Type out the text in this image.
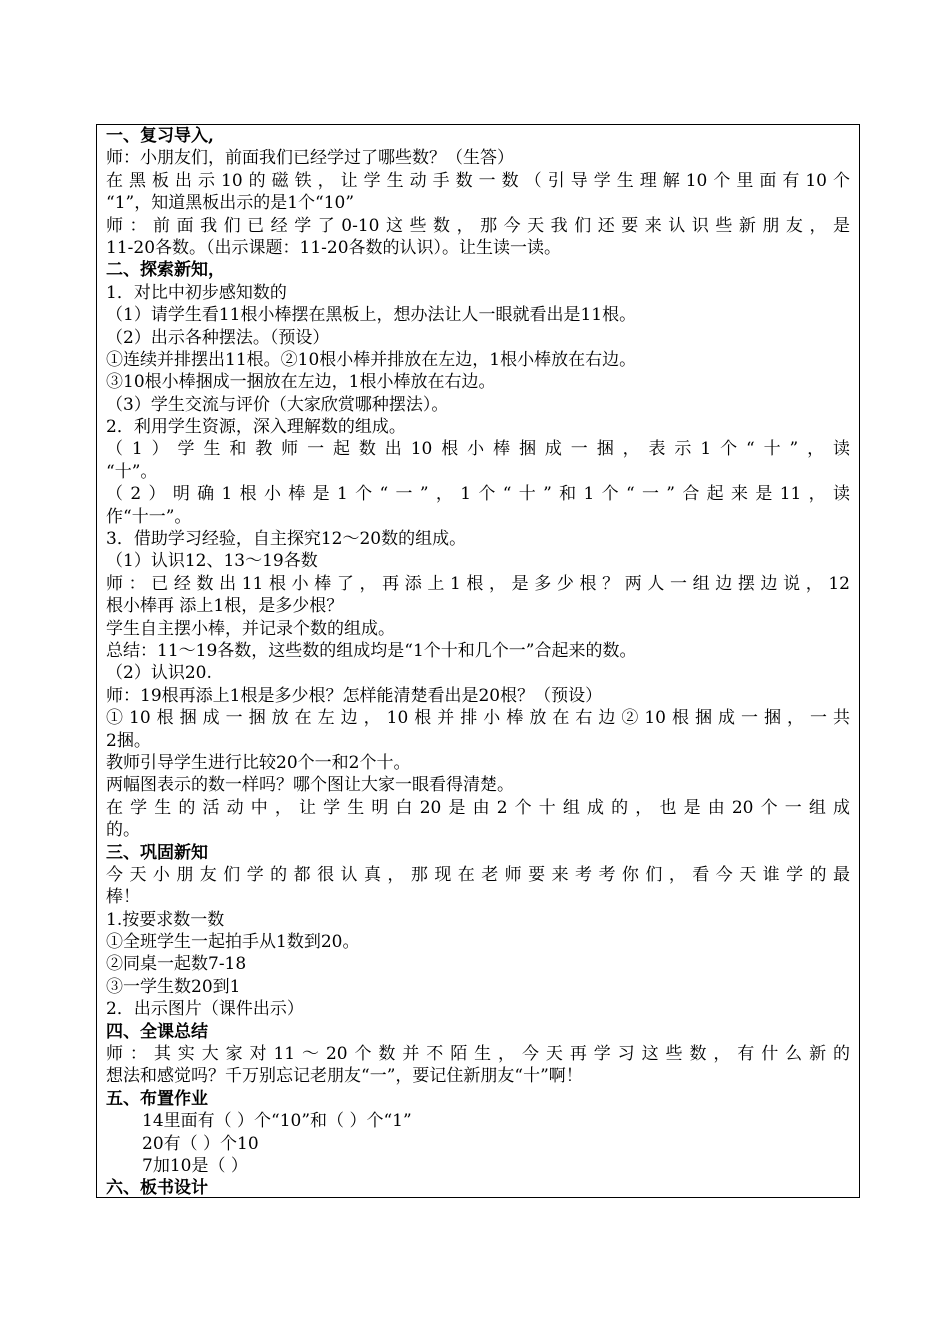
一、复习导入,
师：小朋友们，前面我们已经学过了哪些数？（生答）
在黑板出示10的磁铁，让学生动手数一数（引导学生理解10个里面有10个
“1”，知道黑板出示的是1个“10”
师：前面我们已经学了0-10这些数，那今天我们还要来认识些新朋友，是
11-20各数。（出示课题：11-20各数的认识）。让生读一读。
二、探索新知，
1．对比中初步感知数的
（1）请学生看11根小棒摆在黑板上，想办法让人一眼就看出是11根。
（2）出示各种摆法。（预设）
①连续并排摆出11根。②10根小棒并排放在左边，1根小棒放在右边。
③10根小棒捆成一捆放在左边，1根小棒放在右边。
（3）学生交流与评价（大家欣赏哪种摆法）。
2．利用学生资源，深入理解数的组成。
（1）学生和教师一起数出10根小棒捆成一捆，表示1个“十”，读
“十”。
（2）明确1根小棒是1个“一”，1个“十”和1个“一”合起来是11，读
作“十一”。
3．借助学习经验，自主探究12～20数的组成。
（1）认识12、13～19各数
师：已经数出11根小棒了，再添上1根，是多少根？两人一组边摆边说，12
根小棒再 添上1根，是多少根？
学生自主摆小棒，并记录个数的组成。
总结：11～19各数，这些数的组成均是“1个十和几个一”合起来的数。
（2）认识20.
师：19根再添上1根是多少根？怎样能清楚看出是20根？（预设）
①10根捆成一捆放在左边，10根并排小棒放在右边②10根捆成一捆，一共
2捆。
教师引导学生进行比较20个一和2个十。
两幅图表示的数一样吗？哪个图让大家一眼看得清楚。
在学生的活动中，让学生明白20是由2个十组成的，也是由20个一组成
的。
三、巩固新知
今天小朋友们学的都很认真，那现在老师要来考考你们，看今天谁学的最
棒！
1.按要求数一数
①全班学生一起拍手从1数到20。
②同桌一起数7-18
③一学生数20到1
2．出示图片（课件出示）
四、全课总结
师：其实大家对11～20个数并不陌生，今天再学习这些数，有什么新的
想法和感觉吗？千万别忘记老朋友“一”，要记住新朋友“十”啊！
五、布置作业
14里面有（ ）个“10”和（ ）个“1”
20有（ ）个10
7加10是（ ）
六、板书设计
